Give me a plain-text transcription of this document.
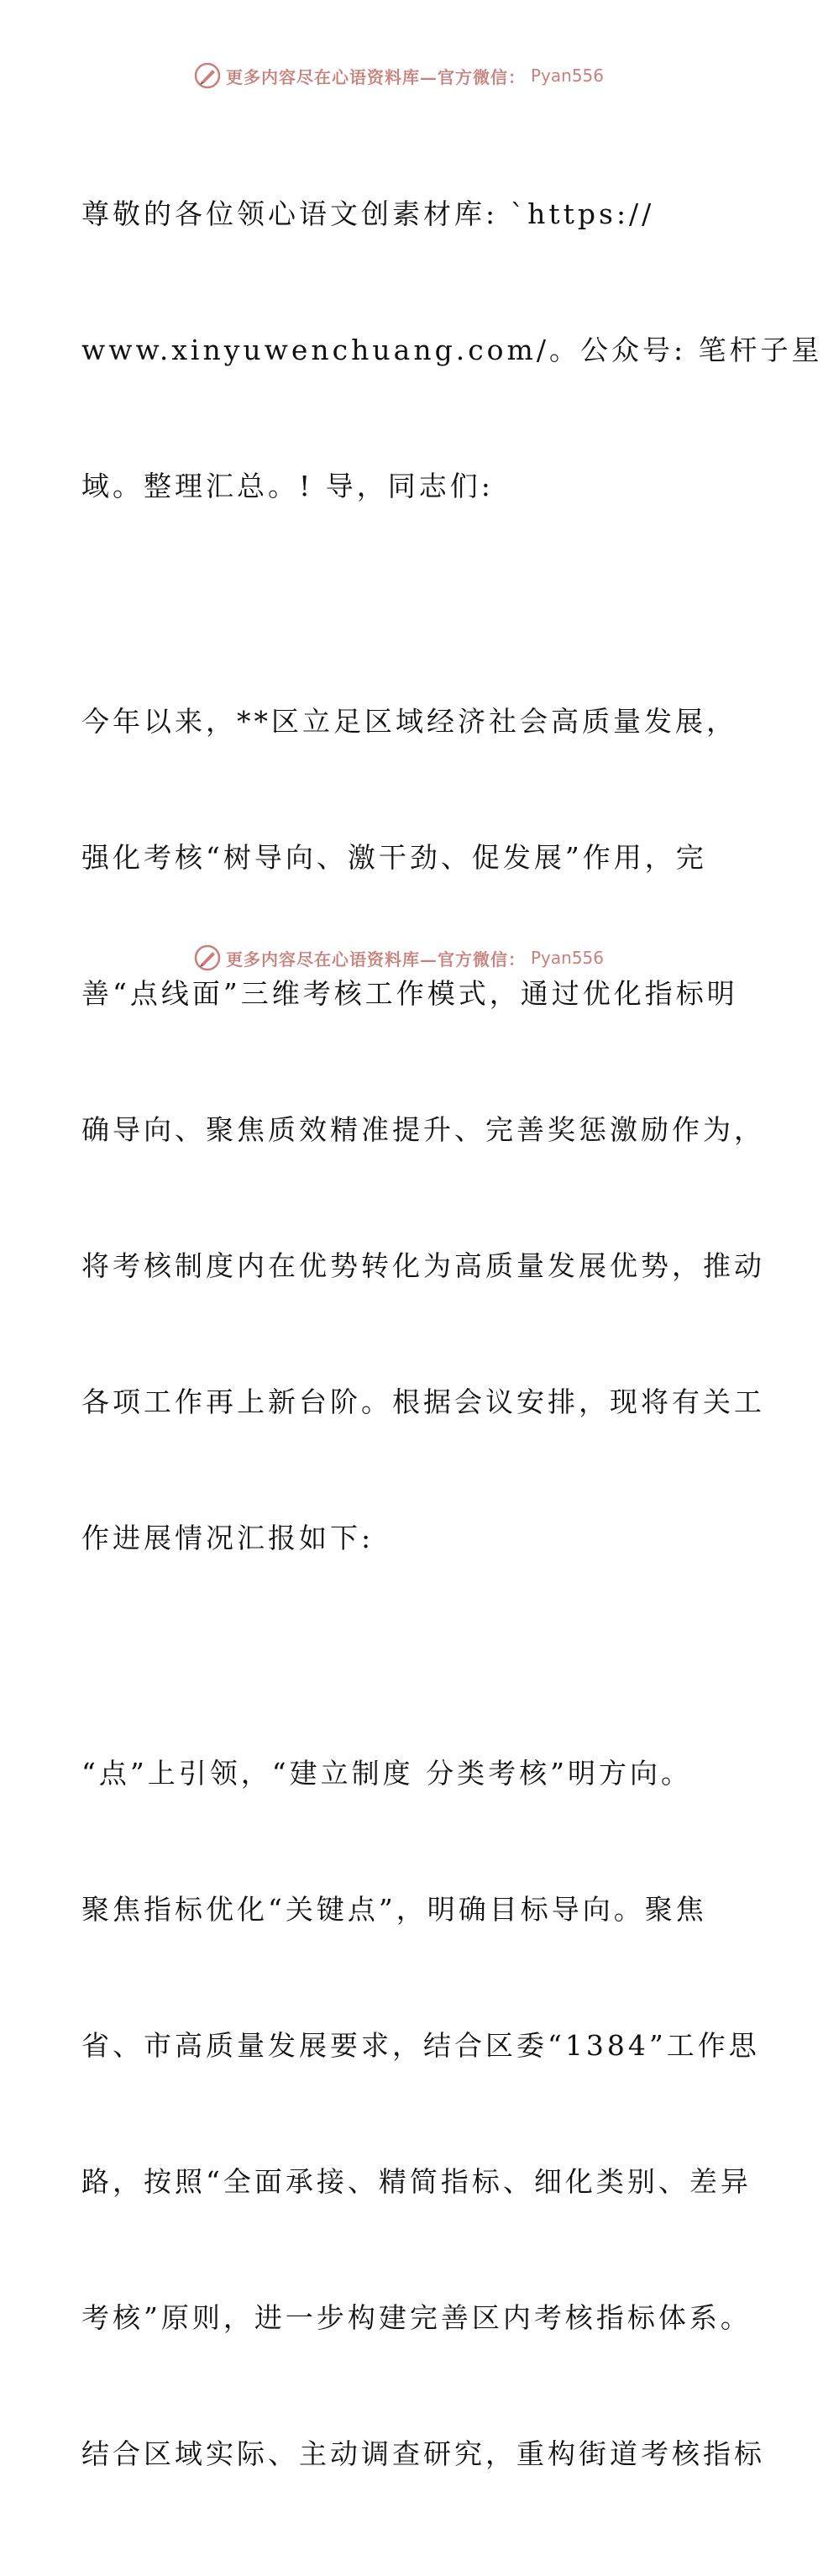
更多内容尽在心语资料库—官方微信： Pyan556

尊敬的各位领心语文创素材库: `https://

www.xinyuwenchuang.com/。公众号: 笔杆子星

域。整理汇总。! 导，同志们:

今年以来，**区立足区域经济社会高质量发展，

强化考核“树导向、激干劲、促发展”作用，完

善“点线面”三维考核工作模式，通过优化指标明

确导向、聚焦质效精准提升、完善奖惩激励作为，

将考核制度内在优势转化为高质量发展优势，推动

各项工作再上新台阶。根据会议安排，现将有关工

作进展情况汇报如下:

“点”上引领，“建立制度 分类考核”明方向。

聚焦指标优化“关键点”，明确目标导向。聚焦

省、市高质量发展要求，结合区委“1384”工作思

路，按照“全面承接、精简指标、细化类别、差异

考核”原则，进一步构建完善区内考核指标体系。

结合区域实际、主动调查研究，重构街道考核指标

更多内容尽在心语资料库—官方微信： Pyan556
